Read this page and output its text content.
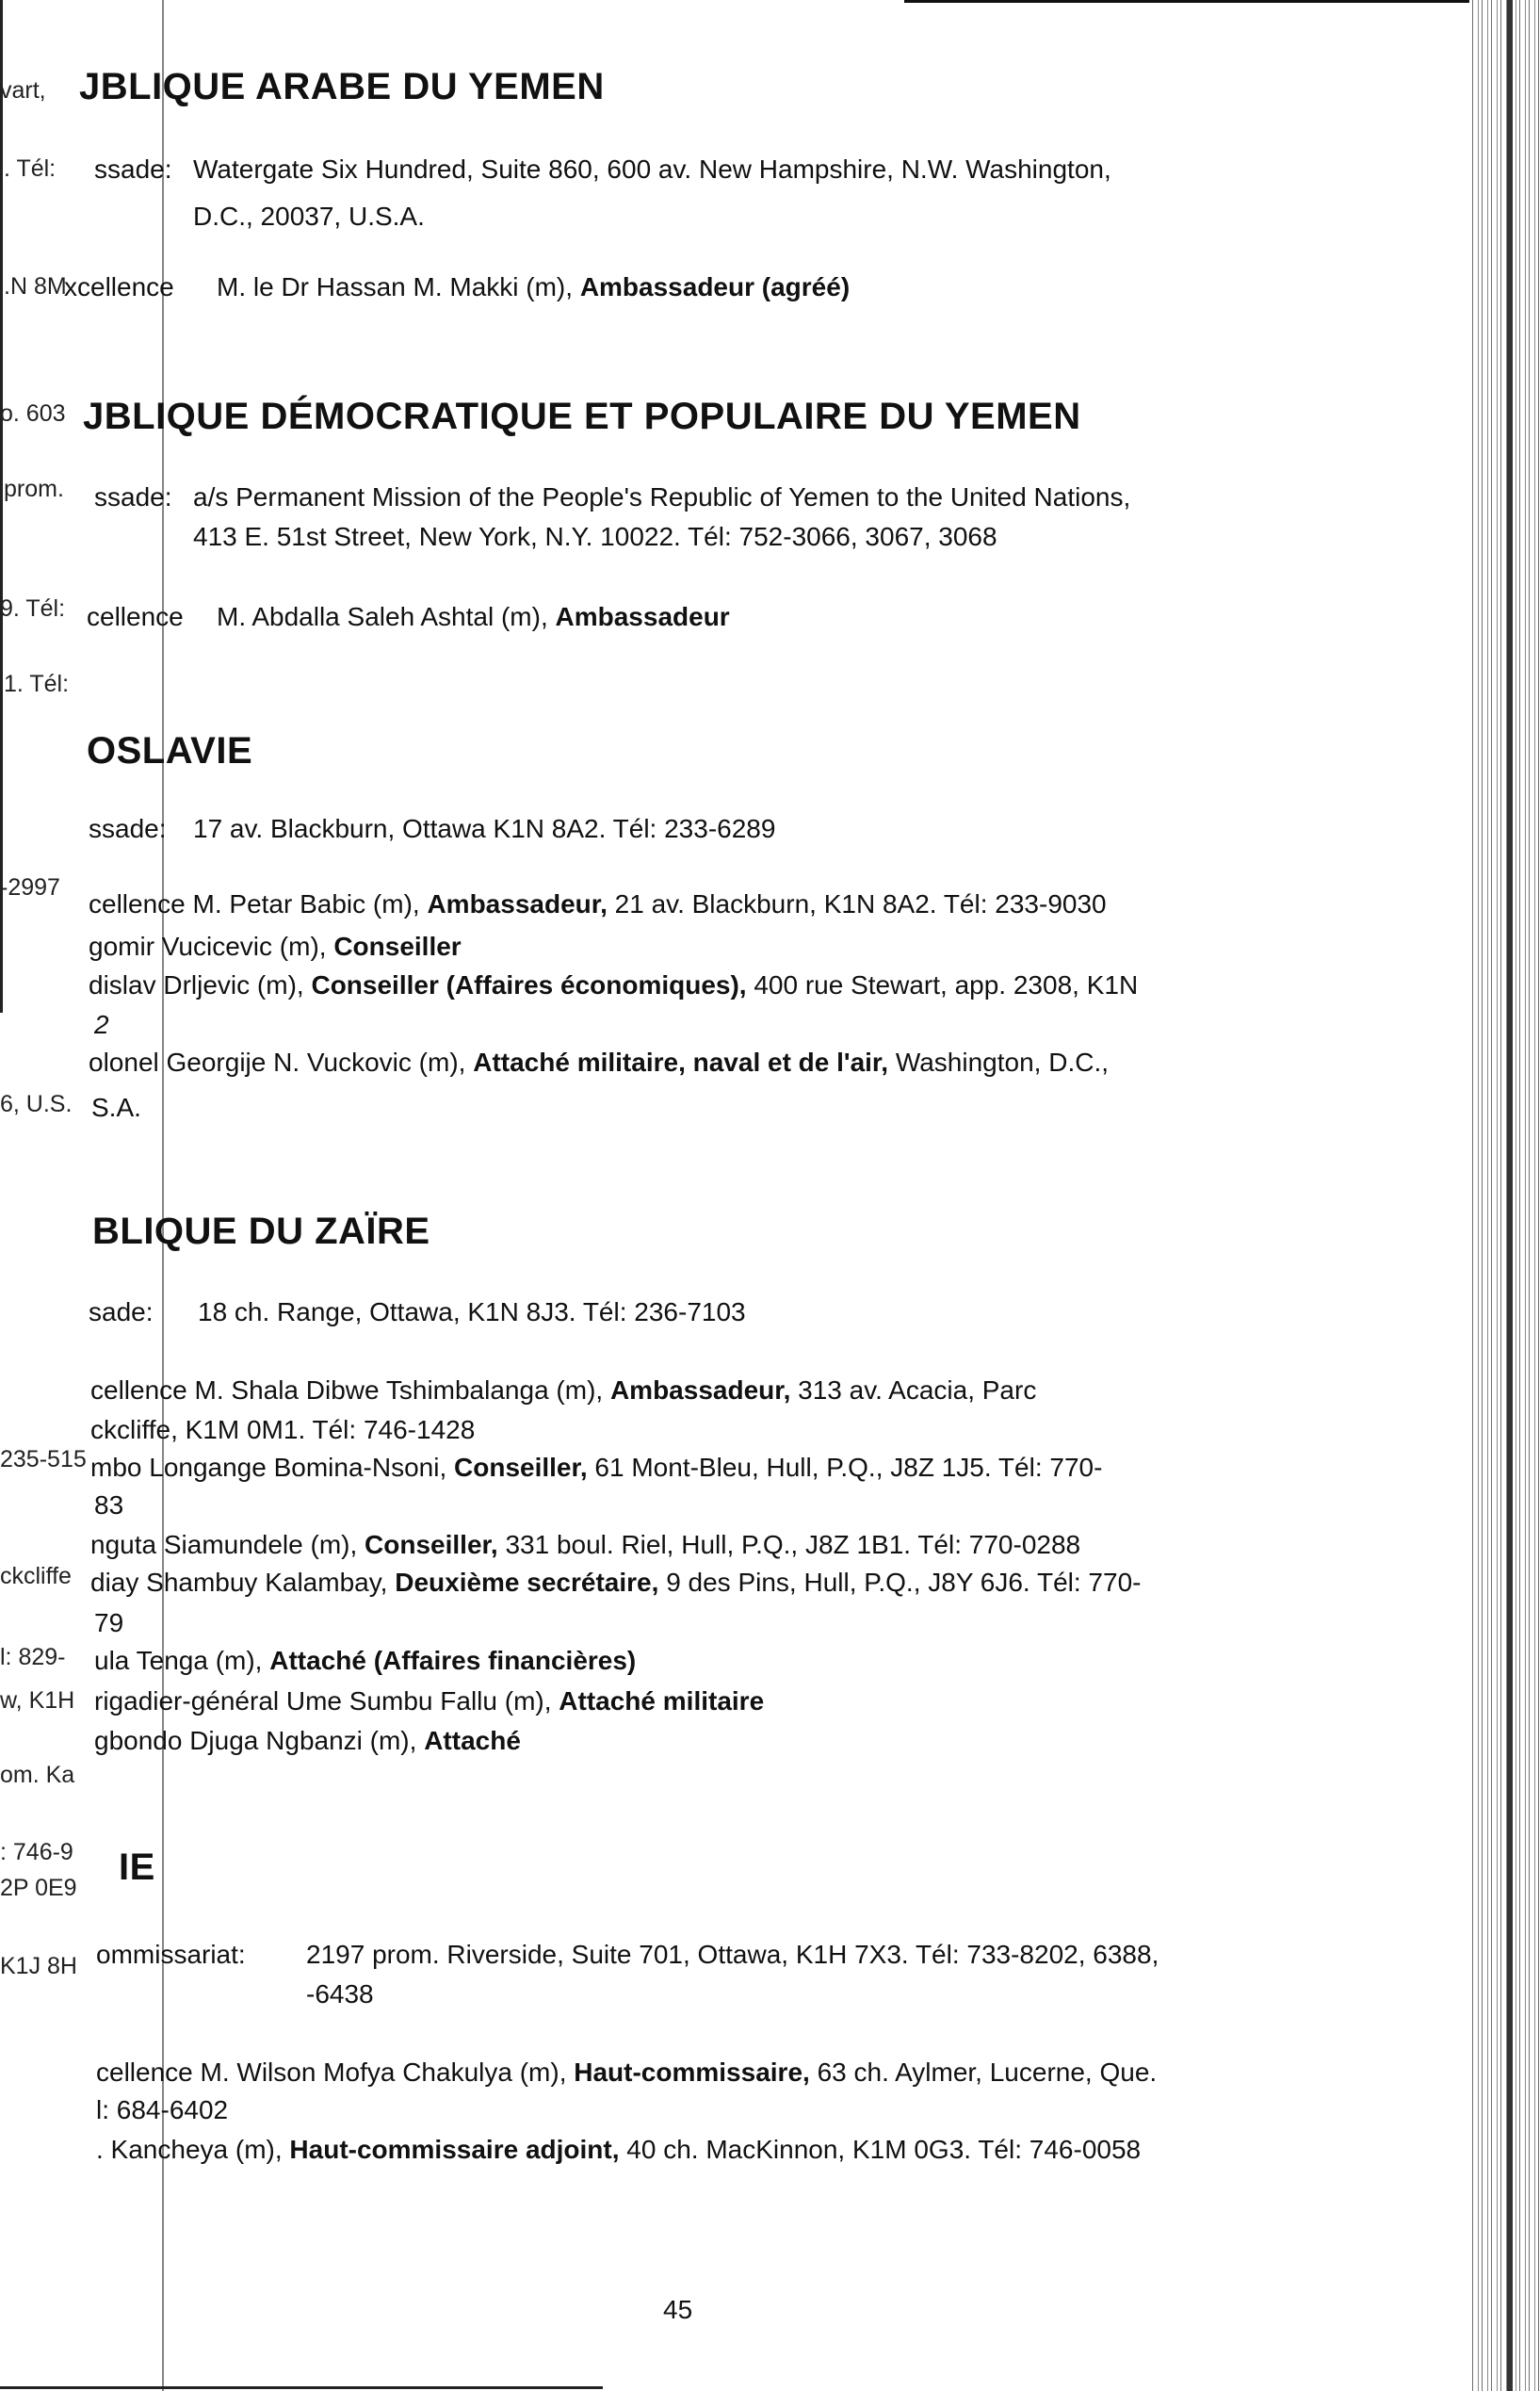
vart,
. Tél:
.N 8M
o. 603
prom.
9. Tél:
1. Tél:
-2997
6, U.S.
235-515
ckcliffe
l: 829-
w, K1H
om. Ka
: 746-9
2P 0E9
K1J 8H
JBLIQUE ARABE DU YEMEN
ssade: Watergate Six Hundred, Suite 860, 600 av. New Hampshire, N.W. Washington,
D.C., 20037, U.S.A.
xcellence M. le Dr Hassan M. Makki (m), Ambassadeur (agréé)
JBLIQUE DÉMOCRATIQUE ET POPULAIRE DU YEMEN
ssade: a/s Permanent Mission of the People's Republic of Yemen to the United Nations,
413 E. 51st Street, New York, N.Y. 10022. Tél: 752-3066, 3067, 3068
cellence M. Abdalla Saleh Ashtal (m), Ambassadeur
OSLAVIE
ssade: 17 av. Blackburn, Ottawa K1N 8A2. Tél: 233-6289
cellence M. Petar Babic (m), Ambassadeur, 21 av. Blackburn, K1N 8A2. Tél: 233-9030
gomir Vucicevic (m), Conseiller
dislav Drljevic (m), Conseiller (Affaires économiques), 400 rue Stewart, app. 2308, K1N
2
olonel Georgije N. Vuckovic (m), Attaché militaire, naval et de l'air, Washington, D.C.,
S.A.
BLIQUE DU ZAÏRE
sade: 18 ch. Range, Ottawa, K1N 8J3. Tél: 236-7103
cellence M. Shala Dibwe Tshimbalanga (m), Ambassadeur, 313 av. Acacia, Parc
ckcliffe, K1M 0M1. Tél: 746-1428
mbo Longange Bomina-Nsoni, Conseiller, 61 Mont-Bleu, Hull, P.Q., J8Z 1J5. Tél: 770-
83
nguta Siamundele (m), Conseiller, 331 boul. Riel, Hull, P.Q., J8Z 1B1. Tél: 770-0288
diay Shambuy Kalambay, Deuxième secrétaire, 9 des Pins, Hull, P.Q., J8Y 6J6. Tél: 770-
79
ula Tenga (m), Attaché (Affaires financières)
rigadier-général Ume Sumbu Fallu (m), Attaché militaire
gbondo Djuga Ngbanzi (m), Attaché
IE
ommissariat: 2197 prom. Riverside, Suite 701, Ottawa, K1H 7X3. Tél: 733-8202, 6388,
-6438
cellence M. Wilson Mofya Chakulya (m), Haut-commissaire, 63 ch. Aylmer, Lucerne, Que.
l: 684-6402
. Kancheya (m), Haut-commissaire adjoint, 40 ch. MacKinnon, K1M 0G3. Tél: 746-0058
45
